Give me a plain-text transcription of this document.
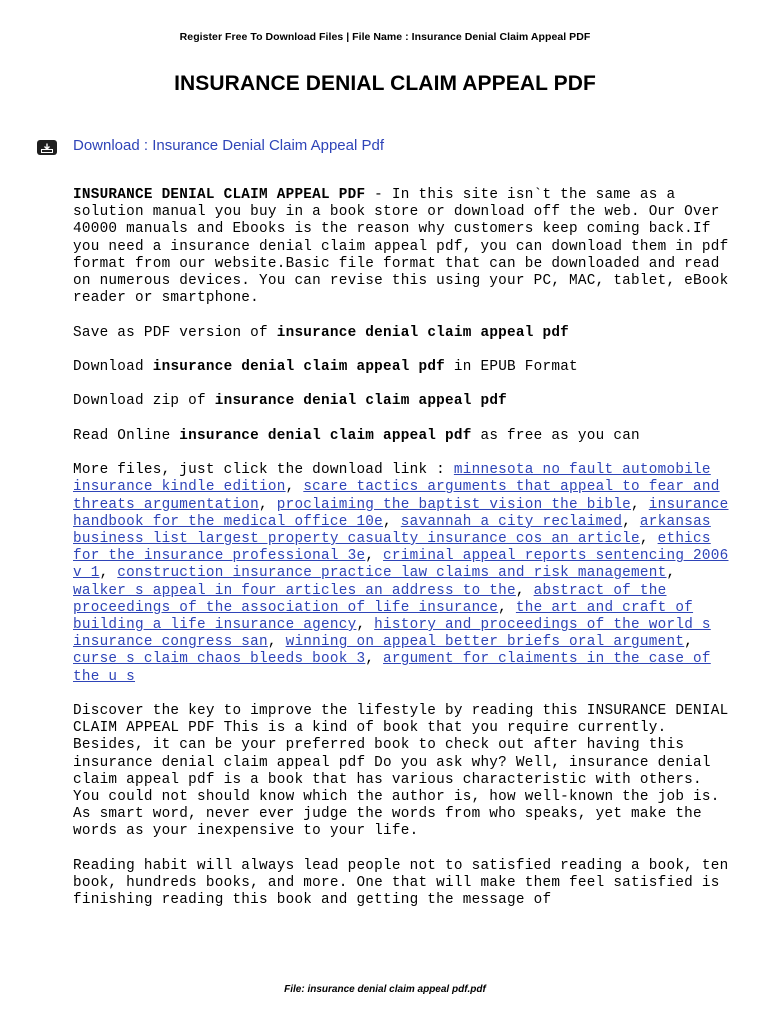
Register Free To Download Files | File Name : Insurance Denial Claim Appeal PDF
INSURANCE DENIAL CLAIM APPEAL PDF
Download : Insurance Denial Claim Appeal Pdf

INSURANCE DENIAL CLAIM APPEAL PDF - In this site isn`t the same as a solution manual you buy in a book store or download off the web. Our Over 40000 manuals and Ebooks is the reason why customers keep coming back.If you need a insurance denial claim appeal pdf, you can download them in pdf format from our website.Basic file format that can be downloaded and read on numerous devices. You can revise this using your PC, MAC, tablet, eBook reader or smartphone.

Save as PDF version of insurance denial claim appeal pdf

Download insurance denial claim appeal pdf in EPUB Format

Download zip of insurance denial claim appeal pdf

Read Online insurance denial claim appeal pdf as free as you can

More files, just click the download link : minnesota no fault automobile insurance kindle edition, scare tactics arguments that appeal to fear and threats argumentation, proclaiming the baptist vision the bible, insurance handbook for the medical office 10e, savannah a city reclaimed, arkansas business list largest property casualty insurance cos an article, ethics for the insurance professional 3e, criminal appeal reports sentencing 2006 v 1, construction insurance practice law claims and risk management, walker s appeal in four articles an address to the, abstract of the proceedings of the association of life insurance, the art and craft of building a life insurance agency, history and proceedings of the world s insurance congress san, winning on appeal better briefs oral argument, curse s claim chaos bleeds book 3, argument for claiments in the case of the u s

Discover the key to improve the lifestyle by reading this INSURANCE DENIAL CLAIM APPEAL PDF This is a kind of book that you require currently. Besides, it can be your preferred book to check out after having this insurance denial claim appeal pdf Do you ask why? Well, insurance denial claim appeal pdf is a book that has various characteristic with others. You could not should know which the author is, how well-known the job is. As smart word, never ever judge the words from who speaks, yet make the words as your inexpensive to your life.

Reading habit will always lead people not to satisfied reading a book, ten book, hundreds books, and more. One that will make them feel satisfied is finishing reading this book and getting the message of

File: insurance denial claim appeal pdf.pdf
